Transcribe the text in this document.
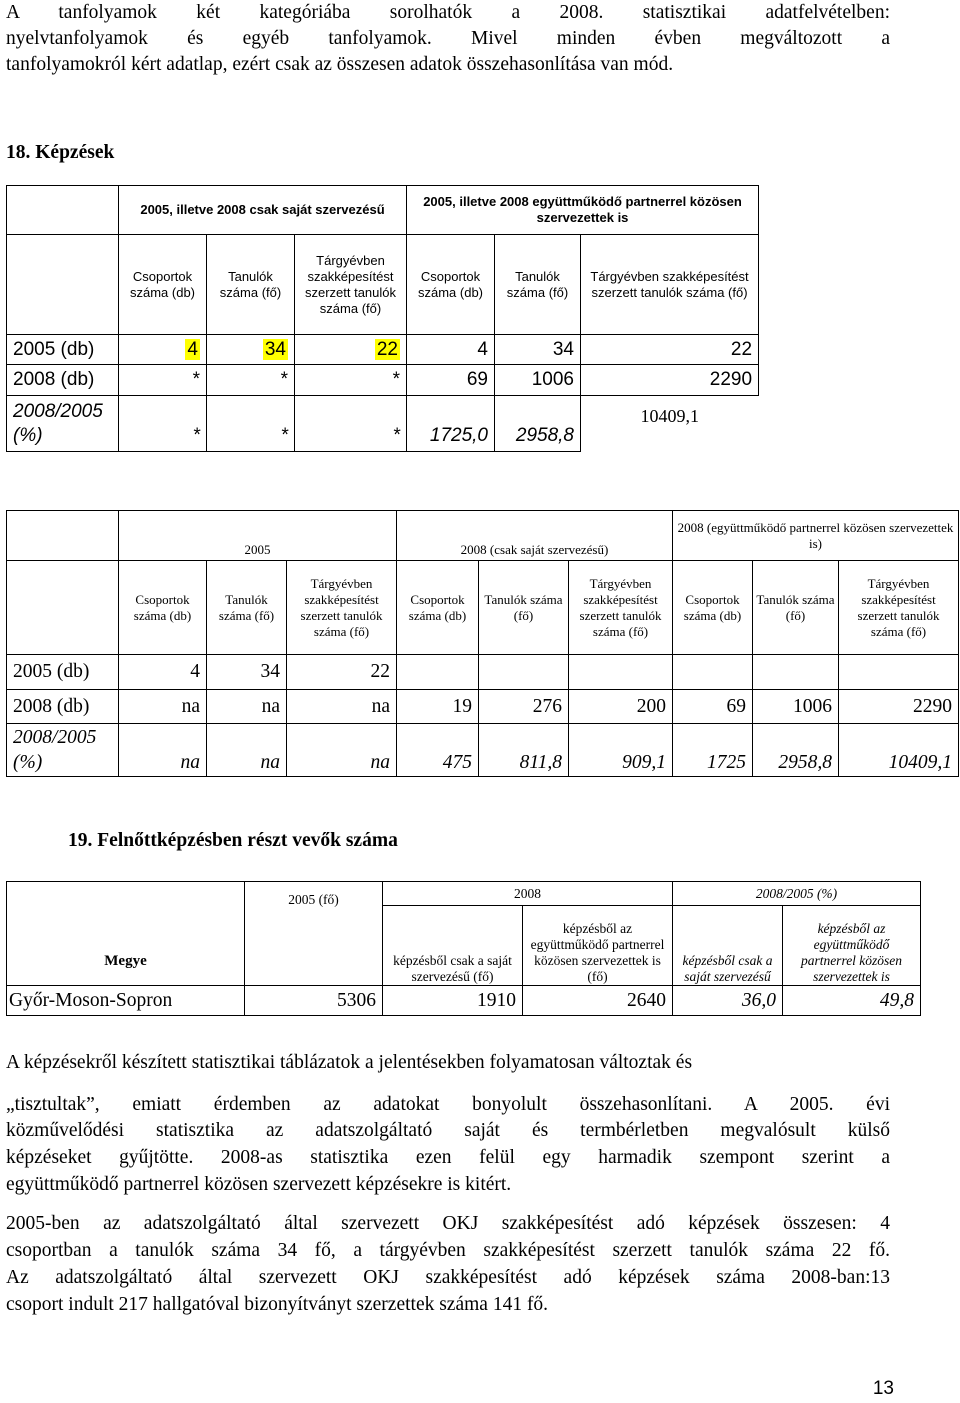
A tanfolyamok két kategóriába sorolhatók a 2008. statisztikai adatfelvételben:
nyelvtanfolyamok és egyéb tanfolyamok. Mivel minden évben megváltozott a
tanfolyamokról kért adatlap, ezért csak az összesen adatok összehasonlítása van mód.
18. Képzések
	2005, illetve 2008 csak saját szervezésű			2005, illetve 2008 együttműködő partnerrel közösen szervezettek is		
	Csoportok száma (db)	Tanulók száma (fő)	Tárgyévben szakképesítést szerzett tanulók száma (fő)	Csoportok száma (db)	Tanulók száma (fő)	Tárgyévben szakképesítést szerzett tanulók száma (fő)
2005 (db)	4	34	22	4	34	22
2008 (db)	*	*	*	69	1006	2290
2008/2005 (%)	*	*	*	1725,0	2958,8	10409,1
	2005			2008 (csak saját szervezésű)			2008 (együttműködő partnerrel közösen szervezettek is)		
	Csoportok száma (db)	Tanulók száma (fő)	Tárgyévben szakképesítést szerzett tanulók száma (fő)	Csoportok száma (db)	Tanulók száma (fő)	Tárgyévben szakképesítést szerzett tanulók száma (fő)	Csoportok száma (db)	Tanulók száma (fő)	Tárgyévben szakképesítést szerzett tanulók száma (fő)
2005 (db)	4	34	22						
2008 (db)	na	na	na	19	276	200	69	1006	2290
2008/2005 (%)	na	na	na	475	811,8	909,1	1725	2958,8	10409,1
19. Felnőttképzésben részt vevők száma
Megye	2005 (fő)	2008		2008/2005 (%)	
		képzésből csak a saját szervezésű (fő)	képzésből az együttműködő partnerrel közösen szervezettek is (fő)	képzésből csak a saját szervezésű	képzésből az együttműködő partnerrel közösen szervezettek is
Győr-Moson-Sopron	5306	1910	2640	36,0	49,8
A képzésekről készített statisztikai táblázatok a jelentésekben folyamatosan változtak és
„tisztultak”, emiatt érdemben az adatokat bonyolult összehasonlítani. A 2005. évi
közművelődési statisztika az adatszolgáltató saját és termbérletben megvalósult külső
képzéseket gyűjtötte. 2008-as statisztika ezen felül egy harmadik szempont szerint a
együttműködő partnerrel közösen szervezett képzésekre is kitért.
2005-ben az adatszolgáltató által szervezett OKJ szakképesítést adó képzések összesen: 4
csoportban a tanulók száma 34 fő, a tárgyévben szakképesítést szerzett tanulók száma 22 fő.
Az adatszolgáltató által szervezett OKJ szakképesítést adó képzések száma 2008-ban:13
csoport indult 217 hallgatóval bizonyítványt szerzettek száma 141 fő.
13
